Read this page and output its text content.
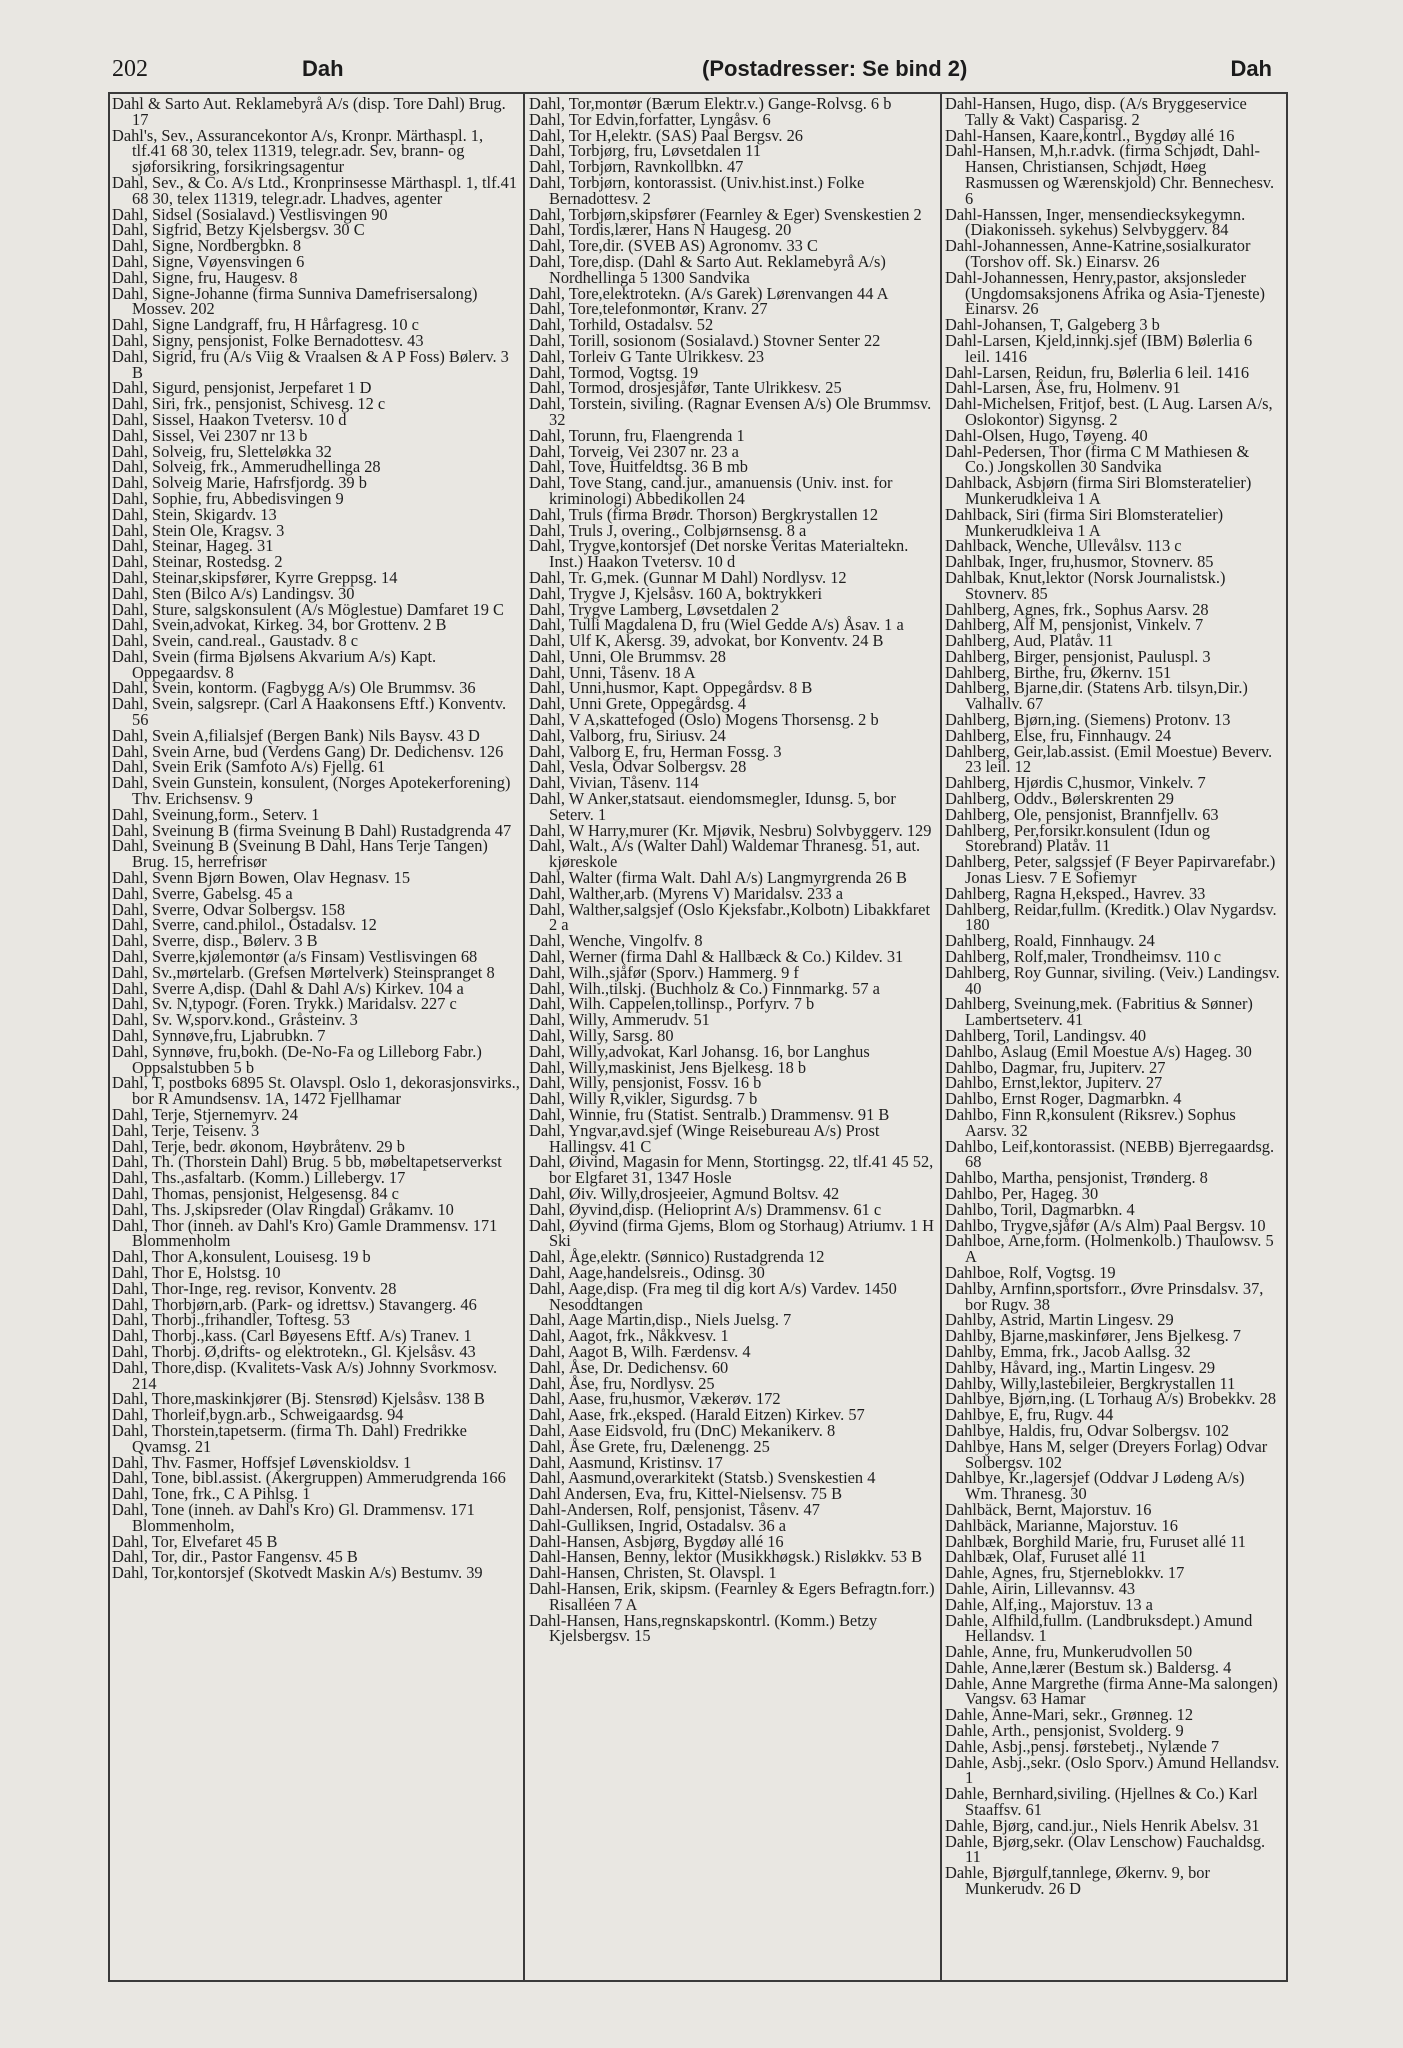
202	Dah	(Postadresser: Se bind 2)	Dah

Dahl & Sarto Aut. Reklamebyrå A/s (disp. Tore Dahl) Brug. 17

Dahl's, Sev., Assurancekontor A/s, Kronpr. Märthaspl. 1, tlf.41 68 30, telex 11319, telegr.adr. Sev, brann- og sjøforsikring, forsikringsagentur

Dahl, Sev., & Co. A/s Ltd., Kronprinsesse Märthaspl. 1, tlf.41 68 30, telex 11319, telegr.adr. Lhadves, agenter

Dahl, Sidsel (Sosialavd.) Vestlisvingen 90

Dahl, Sigfrid, Betzy Kjelsbergsv. 30 C

Dahl, Signe, Nordbergbkn. 8

Dahl, Signe, Vøyensvingen 6

Dahl, Signe, fru, Haugesv. 8

Dahl, Signe-Johanne (firma Sunniva Damefrisersalong) Mossev. 202

Dahl, Signe Landgraff, fru, H Hårfagresg. 10 c

Dahl, Signy, pensjonist, Folke Bernadottesv. 43

Dahl, Sigrid, fru (A/s Viig & Vraalsen & A P Foss) Bølerv. 3 B

Dahl, Sigurd, pensjonist, Jerpefaret 1 D

Dahl, Siri, frk., pensjonist, Schivesg. 12 c

Dahl, Sissel, Haakon Tvetersv. 10 d

Dahl, Sissel, Vei 2307 nr 13 b

Dahl, Solveig, fru, Sletteløkka 32

Dahl, Solveig, frk., Ammerudhellinga 28

Dahl, Solveig Marie, Hafrsfjordg. 39 b

Dahl, Sophie, fru, Abbedisvingen 9

Dahl, Stein, Skigardv. 13

Dahl, Stein Ole, Kragsv. 3

Dahl, Steinar, Hageg. 31

Dahl, Steinar, Rostedsg. 2

Dahl, Steinar,skipsfører, Kyrre Greppsg. 14

Dahl, Sten (Bilco A/s) Landingsv. 30

Dahl, Sture, salgskonsulent (A/s Möglestue) Damfaret 19 C

Dahl, Svein,advokat, Kirkeg. 34, bor Grottenv. 2 B

Dahl, Svein, cand.real., Gaustadv. 8 c

Dahl, Svein (firma Bjølsens Akvarium A/s) Kapt. Oppegaardsv. 8

Dahl, Svein, kontorm. (Fagbygg A/s) Ole Brummsv. 36

Dahl, Svein, salgsrepr. (Carl A Haakonsens Eftf.) Konventv. 56

Dahl, Svein A,filialsjef (Bergen Bank) Nils Baysv. 43 D

Dahl, Svein Arne, bud (Verdens Gang) Dr. Dedichensv. 126

Dahl, Svein Erik (Samfoto A/s) Fjellg. 61

Dahl, Svein Gunstein, konsulent, (Norges Apotekerforening) Thv. Erichsensv. 9

Dahl, Sveinung,form., Seterv. 1

Dahl, Sveinung B (firma Sveinung B Dahl) Rustadgrenda 47

Dahl, Sveinung B (Sveinung B Dahl, Hans Terje Tangen) Brug. 15, herrefrisør

Dahl, Svenn Bjørn Bowen, Olav Hegnasv. 15

Dahl, Sverre, Gabelsg. 45 a

Dahl, Sverre, Odvar Solbergsv. 158

Dahl, Sverre, cand.philol., Ostadalsv. 12

Dahl, Sverre, disp., Bølerv. 3 B

Dahl, Sverre,kjølemontør (a/s Finsam) Vestlisvingen 68

Dahl, Sv.,mørtelarb. (Grefsen Mørtelverk) Steinspranget 8

Dahl, Sverre A,disp. (Dahl & Dahl A/s) Kirkev. 104 a

Dahl, Sv. N,typogr. (Foren. Trykk.) Maridalsv. 227 c

Dahl, Sv. W,sporv.kond., Gråsteinv. 3

Dahl, Synnøve,fru, Ljabrubkn. 7

Dahl, Synnøve, fru,bokh. (De-No-Fa og Lilleborg Fabr.) Oppsalstubben 5 b

Dahl, T, postboks 6895 St. Olavspl. Oslo 1, dekorasjonsvirks., bor R Amundsensv. 1A, 1472 Fjellhamar

Dahl, Terje, Stjernemyrv. 24

Dahl, Terje, Teisenv. 3

Dahl, Terje, bedr. økonom, Høybråtenv. 29 b

Dahl, Th. (Thorstein Dahl) Brug. 5 bb, møbeltapetserverkst

Dahl, Ths.,asfaltarb. (Komm.) Lillebergv. 17

Dahl, Thomas, pensjonist, Helgesensg. 84 c

Dahl, Ths. J,skipsreder (Olav Ringdal) Gråkamv. 10

Dahl, Thor (inneh. av Dahl's Kro) Gamle Drammensv. 171 Blommenholm

Dahl, Thor A,konsulent, Louisesg. 19 b

Dahl, Thor E, Holstsg. 10

Dahl, Thor-Inge, reg. revisor, Konventv. 28

Dahl, Thorbjørn,arb. (Park- og idrettsv.) Stavangerg. 46

Dahl, Thorbj.,frihandler, Toftesg. 53

Dahl, Thorbj.,kass. (Carl Bøyesens Eftf. A/s) Tranev. 1

Dahl, Thorbj. Ø,drifts- og elektrotekn., Gl. Kjelsåsv. 43

Dahl, Thore,disp. (Kvalitets-Vask A/s) Johnny Svorkmosv. 214

Dahl, Thore,maskinkjører (Bj. Stensrød) Kjelsåsv. 138 B

Dahl, Thorleif,bygn.arb., Schweigaardsg. 94

Dahl, Thorstein,tapetserm. (firma Th. Dahl) Fredrikke Qvamsg. 21

Dahl, Thv. Fasmer, Hoffsjef Løvenskioldsv. 1

Dahl, Tone, bibl.assist. (Akergruppen) Ammerudgrenda 166

Dahl, Tone, frk., C A Pihlsg. 1

Dahl, Tone (inneh. av Dahl's Kro) Gl. Drammensv. 171 Blommenholm,

Dahl, Tor, Elvefaret 45 B

Dahl, Tor, dir., Pastor Fangensv. 45 B

Dahl, Tor,kontorsjef (Skotvedt Maskin A/s) Bestumv. 39

Dahl, Tor,montør (Bærum Elektr.v.) Gange-Rolvsg. 6 b

Dahl, Tor Edvin,forfatter, Lyngåsv. 6

Dahl, Tor H,elektr. (SAS) Paal Bergsv. 26

Dahl, Torbjørg, fru, Løvsetdalen 11

Dahl, Torbjørn, Ravnkollbkn. 47

Dahl, Torbjørn, kontorassist. (Univ.hist.inst.) Folke Bernadottesv. 2

Dahl, Torbjørn,skipsfører (Fearnley & Eger) Svenskestien 2

Dahl, Tordis,lærer, Hans N Haugesg. 20

Dahl, Tore,dir. (SVEB AS) Agronomv. 33 C

Dahl, Tore,disp. (Dahl & Sarto Aut. Reklamebyrå A/s) Nordhellinga 5 1300 Sandvika

Dahl, Tore,elektrotekn. (A/s Garek) Lørenvangen 44 A

Dahl, Tore,telefonmontør, Kranv. 27

Dahl, Torhild, Ostadalsv. 52

Dahl, Torill, sosionom (Sosialavd.) Stovner Senter 22

Dahl, Torleiv G Tante Ulrikkesv. 23

Dahl, Tormod, Vogtsg. 19

Dahl, Tormod, drosjesjåfør, Tante Ulrikkesv. 25

Dahl, Torstein, siviling. (Ragnar Evensen A/s) Ole Brummsv. 32

Dahl, Torunn, fru, Flaengrenda 1

Dahl, Torveig, Vei 2307 nr. 23 a

Dahl, Tove, Huitfeldtsg. 36 B mb

Dahl, Tove Stang, cand.jur., amanuensis (Univ. inst. for kriminologi) Abbedikollen 24

Dahl, Truls (firma Brødr. Thorson) Bergkrystallen 12

Dahl, Truls J, overing., Colbjørnsensg. 8 a

Dahl, Trygve,kontorsjef (Det norske Veritas Materialtekn. Inst.) Haakon Tvetersv. 10 d

Dahl, Tr. G,mek. (Gunnar M Dahl) Nordlysv. 12

Dahl, Trygve J, Kjelsåsv. 160 A, boktrykkeri

Dahl, Trygve Lamberg, Løvsetdalen 2

Dahl, Tulli Magdalena D, fru (Wiel Gedde A/s) Åsav. 1 a

Dahl, Ulf K, Akersg. 39, advokat, bor Konventv. 24 B

Dahl, Unni, Ole Brummsv. 28

Dahl, Unni, Tåsenv. 18 A

Dahl, Unni,husmor, Kapt. Oppegårdsv. 8 B

Dahl, Unni Grete, Oppegårdsg. 4

Dahl, V A,skattefoged (Oslo) Mogens Thorsensg. 2 b

Dahl, Valborg, fru, Siriusv. 24

Dahl, Valborg E, fru, Herman Fossg. 3

Dahl, Vesla, Odvar Solbergsv. 28

Dahl, Vivian, Tåsenv. 114

Dahl, W Anker,statsaut. eiendomsmegler, Idunsg. 5, bor Seterv. 1

Dahl, W Harry,murer (Kr. Mjøvik, Nesbru) Solvbyggerv. 129

Dahl, Walt., A/s (Walter Dahl) Waldemar Thranesg. 51, aut. kjøreskole

Dahl, Walter (firma Walt. Dahl A/s) Langmyrgrenda 26 B

Dahl, Walther,arb. (Myrens V) Maridalsv. 233 a

Dahl, Walther,salgsjef (Oslo Kjeksfabr.,Kolbotn) Libakkfaret 2 a

Dahl, Wenche, Vingolfv. 8

Dahl, Werner (firma Dahl & Hallbæck & Co.) Kildev. 31

Dahl, Wilh.,sjåfør (Sporv.) Hammerg. 9 f

Dahl, Wilh.,tilskj. (Buchholz & Co.) Finnmarkg. 57 a

Dahl, Wilh. Cappelen,tollinsp., Porfyrv. 7 b

Dahl, Willy, Ammerudv. 51

Dahl, Willy, Sarsg. 80

Dahl, Willy,advokat, Karl Johansg. 16, bor Langhus

Dahl, Willy,maskinist, Jens Bjelkesg. 18 b

Dahl, Willy, pensjonist, Fossv. 16 b

Dahl, Willy R,vikler, Sigurdsg. 7 b

Dahl, Winnie, fru (Statist. Sentralb.) Drammensv. 91 B

Dahl, Yngvar,avd.sjef (Winge Reisebureau A/s) Prost Hallingsv. 41 C

Dahl, Øivind, Magasin for Menn, Stortingsg. 22, tlf.41 45 52, bor Elgfaret 31, 1347 Hosle

Dahl, Øiv. Willy,drosjeeier, Agmund Boltsv. 42

Dahl, Øyvind,disp. (Helioprint A/s) Drammensv. 61 c

Dahl, Øyvind (firma Gjems, Blom og Storhaug) Atriumv. 1 H Ski

Dahl, Åge,elektr. (Sønnico) Rustadgrenda 12

Dahl, Aage,handelsreis., Odinsg. 30

Dahl, Aage,disp. (Fra meg til dig kort A/s) Vardev. 1450 Nesoddtangen

Dahl, Aage Martin,disp., Niels Juelsg. 7

Dahl, Aagot, frk., Nåkkvesv. 1

Dahl, Aagot B, Wilh. Færdensv. 4

Dahl, Åse, Dr. Dedichensv. 60

Dahl, Åse, fru, Nordlysv. 25

Dahl, Aase, fru,husmor, Vækerøv. 172

Dahl, Aase, frk.,eksped. (Harald Eitzen) Kirkev. 57

Dahl, Aase Eidsvold, fru (DnC) Mekanikerv. 8

Dahl, Åse Grete, fru, Dælenengg. 25

Dahl, Aasmund, Kristinsv. 17

Dahl, Aasmund,overarkitekt (Statsb.) Svenskestien 4

Dahl Andersen, Eva, fru, Kittel-Nielsensv. 75 B

Dahl-Andersen, Rolf, pensjonist, Tåsenv. 47

Dahl-Gulliksen, Ingrid, Ostadalsv. 36 a

Dahl-Hansen, Asbjørg, Bygdøy allé 16

Dahl-Hansen, Benny, lektor (Musikkhøgsk.) Risløkkv. 53 B

Dahl-Hansen, Christen, St. Olavspl. 1

Dahl-Hansen, Erik, skipsm. (Fearnley & Egers Befragtn.forr.) Risalléen 7 A

Dahl-Hansen, Hans,regnskapskontrl. (Komm.) Betzy Kjelsbergsv. 15

Dahl-Hansen, Hugo, disp. (A/s Bryggeservice Tally & Vakt) Casparisg. 2

Dahl-Hansen, Kaare,kontrl., Bygdøy allé 16

Dahl-Hansen, M,h.r.advk. (firma Schjødt, Dahl-Hansen, Christiansen, Schjødt, Høeg Rasmussen og Wærenskjold) Chr. Bennechesv. 6

Dahl-Hanssen, Inger, mensendiecksykegymn. (Diakonisseh. sykehus) Selvbyggerv. 84

Dahl-Johannessen, Anne-Katrine,sosialkurator (Torshov off. Sk.) Einarsv. 26

Dahl-Johannessen, Henry,pastor, aksjonsleder (Ungdomsaksjonens Afrika og Asia-Tjeneste) Einarsv. 26

Dahl-Johansen, T, Galgeberg 3 b

Dahl-Larsen, Kjeld,innkj.sjef (IBM) Bølerlia 6 leil. 1416

Dahl-Larsen, Reidun, fru, Bølerlia 6 leil. 1416

Dahl-Larsen, Åse, fru, Holmenv. 91

Dahl-Michelsen, Fritjof, best. (L Aug. Larsen A/s, Oslokontor) Sigynsg. 2

Dahl-Olsen, Hugo, Tøyeng. 40

Dahl-Pedersen, Thor (firma C M Mathiesen & Co.) Jongskollen 30 Sandvika

Dahlback, Asbjørn (firma Siri Blomsteratelier) Munkerudkleiva 1 A

Dahlback, Siri (firma Siri Blomsteratelier) Munkerudkleiva 1 A

Dahlback, Wenche, Ullevålsv. 113 c

Dahlbak, Inger, fru,husmor, Stovnerv. 85

Dahlbak, Knut,lektor (Norsk Journalistsk.) Stovnerv. 85

Dahlberg, Agnes, frk., Sophus Aarsv. 28

Dahlberg, Alf M, pensjonist, Vinkelv. 7

Dahlberg, Aud, Platåv. 11

Dahlberg, Birger, pensjonist, Pauluspl. 3

Dahlberg, Birthe, fru, Økernv. 151

Dahlberg, Bjarne,dir. (Statens Arb. tilsyn,Dir.) Valhallv. 67

Dahlberg, Bjørn,ing. (Siemens) Protonv. 13

Dahlberg, Else, fru, Finnhaugv. 24

Dahlberg, Geir,lab.assist. (Emil Moestue) Beverv. 23 leil. 12

Dahlberg, Hjørdis C,husmor, Vinkelv. 7

Dahlberg, Oddv., Bølerskrenten 29

Dahlberg, Ole, pensjonist, Brannfjellv. 63

Dahlberg, Per,forsikr.konsulent (Idun og Storebrand) Platåv. 11

Dahlberg, Peter, salgssjef (F Beyer Papirvarefabr.) Jonas Liesv. 7 E Sofiemyr

Dahlberg, Ragna H,eksped., Havrev. 33

Dahlberg, Reidar,fullm. (Kreditk.) Olav Nygardsv. 180

Dahlberg, Roald, Finnhaugv. 24

Dahlberg, Rolf,maler, Trondheimsv. 110 c

Dahlberg, Roy Gunnar, siviling. (Veiv.) Landingsv. 40

Dahlberg, Sveinung,mek. (Fabritius & Sønner) Lambertseterv. 41

Dahlberg, Toril, Landingsv. 40

Dahlbo, Aslaug (Emil Moestue A/s) Hageg. 30

Dahlbo, Dagmar, fru, Jupiterv. 27

Dahlbo, Ernst,lektor, Jupiterv. 27

Dahlbo, Ernst Roger, Dagmarbkn. 4

Dahlbo, Finn R,konsulent (Riksrev.) Sophus Aarsv. 32

Dahlbo, Leif,kontorassist. (NEBB) Bjerregaardsg. 68

Dahlbo, Martha, pensjonist, Trønderg. 8

Dahlbo, Per, Hageg. 30

Dahlbo, Toril, Dagmarbkn. 4

Dahlbo, Trygve,sjåfør (A/s Alm) Paal Bergsv. 10

Dahlboe, Arne,form. (Holmenkolb.) Thaulowsv. 5 A

Dahlboe, Rolf, Vogtsg. 19

Dahlby, Arnfinn,sportsforr., Øvre Prinsdalsv. 37, bor Rugv. 38

Dahlby, Astrid, Martin Lingesv. 29

Dahlby, Bjarne,maskinfører, Jens Bjelkesg. 7

Dahlby, Emma, frk., Jacob Aallsg. 32

Dahlby, Håvard, ing., Martin Lingesv. 29

Dahlby, Willy,lastebileier, Bergkrystallen 11

Dahlbye, Bjørn,ing. (L Torhaug A/s) Brobekkv. 28

Dahlbye, E, fru, Rugv. 44

Dahlbye, Haldis, fru, Odvar Solbergsv. 102

Dahlbye, Hans M, selger (Dreyers Forlag) Odvar Solbergsv. 102

Dahlbye, Kr.,lagersjef (Oddvar J Lødeng A/s) Wm. Thranesg. 30

Dahlbäck, Bernt, Majorstuv. 16

Dahlbäck, Marianne, Majorstuv. 16

Dahlbæk, Borghild Marie, fru, Furuset allé 11

Dahlbæk, Olaf, Furuset allé 11

Dahle, Agnes, fru, Stjerneblokkv. 17

Dahle, Airin, Lillevannsv. 43

Dahle, Alf,ing., Majorstuv. 13 a

Dahle, Alfhild,fullm. (Landbruksdept.) Amund Hellandsv. 1

Dahle, Anne, fru, Munkerudvollen 50

Dahle, Anne,lærer (Bestum sk.) Baldersg. 4

Dahle, Anne Margrethe (firma Anne-Ma salongen) Vangsv. 63 Hamar

Dahle, Anne-Mari, sekr., Grønneg. 12

Dahle, Arth., pensjonist, Svolderg. 9

Dahle, Asbj.,pensj. førstebetj., Nylænde 7

Dahle, Asbj.,sekr. (Oslo Sporv.) Amund Hellandsv. 1

Dahle, Bernhard,siviling. (Hjellnes & Co.) Karl Staaffsv. 61

Dahle, Bjørg, cand.jur., Niels Henrik Abelsv. 31

Dahle, Bjørg,sekr. (Olav Lenschow) Fauchaldsg. 11

Dahle, Bjørgulf,tannlege, Økernv. 9, bor Munkerudv. 26 D
